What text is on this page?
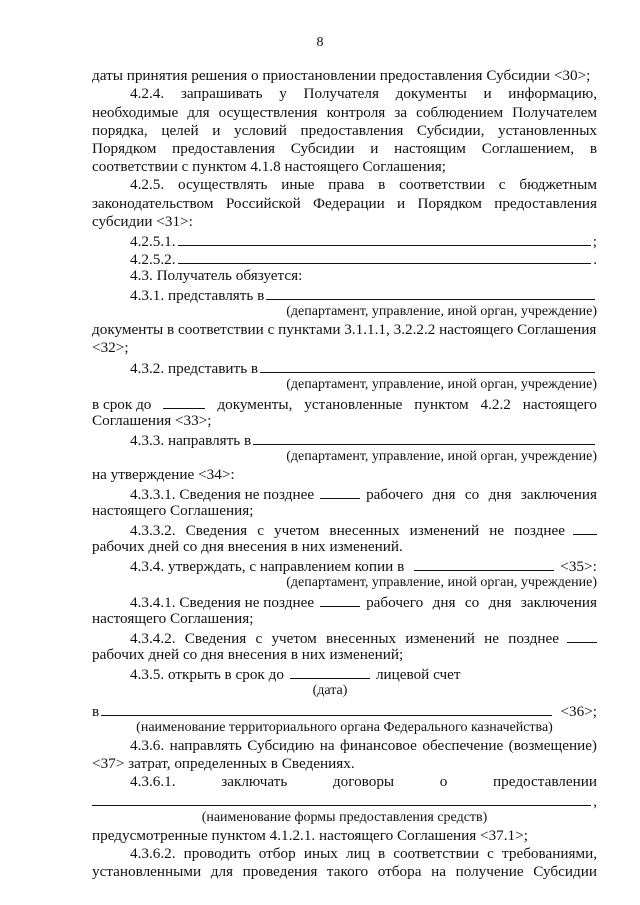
8
даты принятия решения о приостановлении предоставления Субсидии <30>;
4.2.4. запрашивать у Получателя документы и информацию,
необходимые для осуществления контроля за соблюдением Получателем
порядка, целей и условий предоставления Субсидии, установленных
Порядком предоставления Субсидии и настоящим Соглашением, в
соответствии с пунктом 4.1.8 настоящего Соглашения;
4.2.5. осуществлять иные права в соответствии с бюджетным
законодательством Российской Федерации и Порядком предоставления
субсидии <31>:
4.2.5.1.	;
4.2.5.2.	.
4.3. Получатель обязуется:
4.3.1. представлять в
(департамент, управление, иной орган, учреждение)
документы в соответствии с пунктами 3.1.1.1, 3.2.2.2 настоящего Соглашения
<32>;
4.3.2. представить в
(департамент, управление, иной орган, учреждение)
в срок до	документы, установленные пунктом 4.2.2 настоящего
Соглашения <33>;
4.3.3. направлять в
(департамент, управление, иной орган, учреждение)
на утверждение <34>:
4.3.3.1. Сведения не позднее	рабочего дня со дня заключения
настоящего Соглашения;
4.3.3.2. Сведения с учетом внесенных изменений не позднее
рабочих дней со дня внесения в них изменений.
4.3.4. утверждать, с направлением копии в	<35>:
(департамент, управление, иной орган, учреждение)
4.3.4.1. Сведения не позднее	рабочего дня со дня заключения
настоящего Соглашения;
4.3.4.2. Сведения с учетом внесенных изменений не позднее
рабочих дней со дня внесения в них изменений;
4.3.5. открыть в срок до	лицевой счет
(дата)
в	<36>;
(наименование территориального органа Федерального казначейства)
4.3.6. направлять Субсидию на финансовое обеспечение (возмещение)
<37> затрат, определенных в Сведениях.
4.3.6.1. заключать договоры о предоставлении
,
(наименование формы предоставления средств)
предусмотренные пунктом 4.1.2.1. настоящего Соглашения <37.1>;
4.3.6.2. проводить отбор иных лиц в соответствии с требованиями,
установленными для проведения такого отбора на получение Субсидии
